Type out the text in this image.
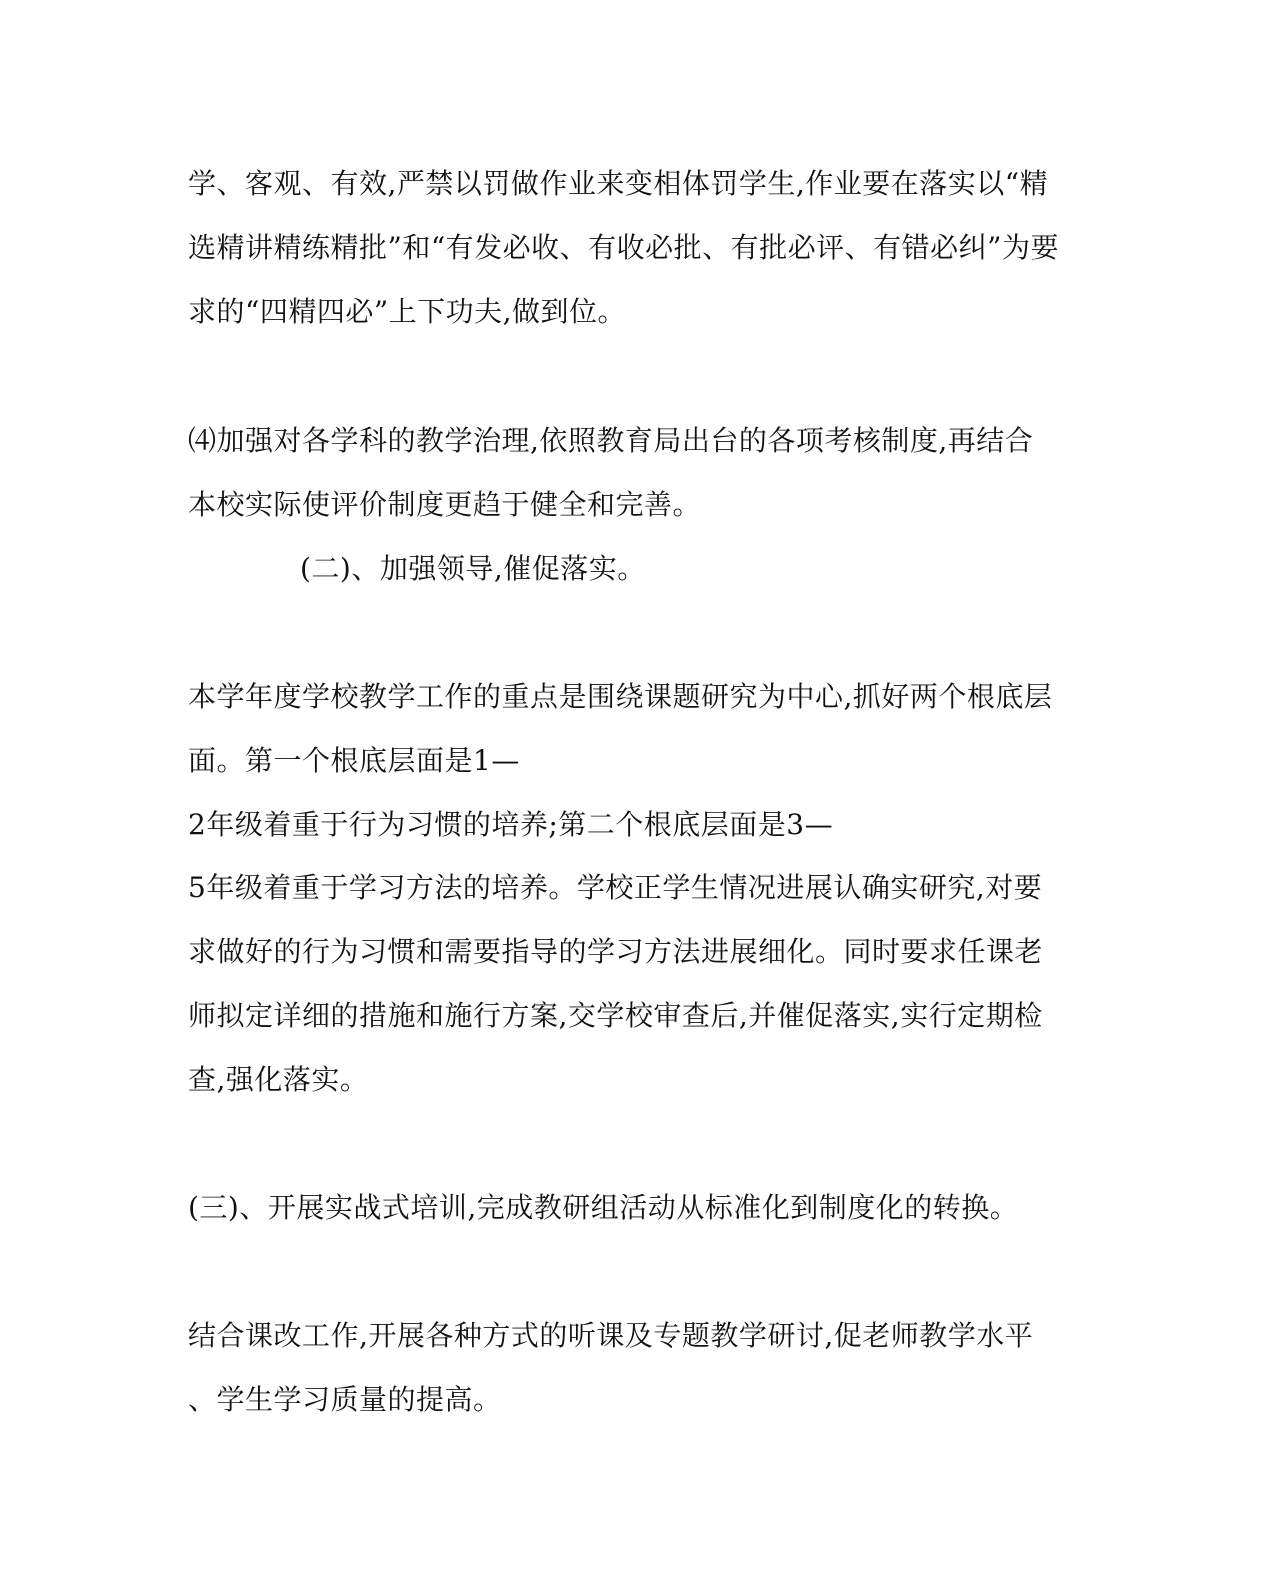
学、客观、有效,严禁以罚做作业来变相体罚学生,作业要在落实以“精
选精讲精练精批”和“有发必收、有收必批、有批必评、有错必纠”为要
求的“四精四必”上下功夫,做到位。
⑷加强对各学科的教学治理,依照教育局出台的各项考核制度,再结合
本校实际使评价制度更趋于健全和完善。
(二)、加强领导,催促落实。
本学年度学校教学工作的重点是围绕课题研究为中心,抓好两个根底层
面。第一个根底层面是1—
2年级着重于行为习惯的培养;第二个根底层面是3—
5年级着重于学习方法的培养。学校正学生情况进展认确实研究,对要
求做好的行为习惯和需要指导的学习方法进展细化。同时要求任课老
师拟定详细的措施和施行方案,交学校审查后,并催促落实,实行定期检
查,强化落实。
(三)、开展实战式培训,完成教研组活动从标准化到制度化的转换。
结合课改工作,开展各种方式的听课及专题教学研讨,促老师教学水平
、学生学习质量的提高。
